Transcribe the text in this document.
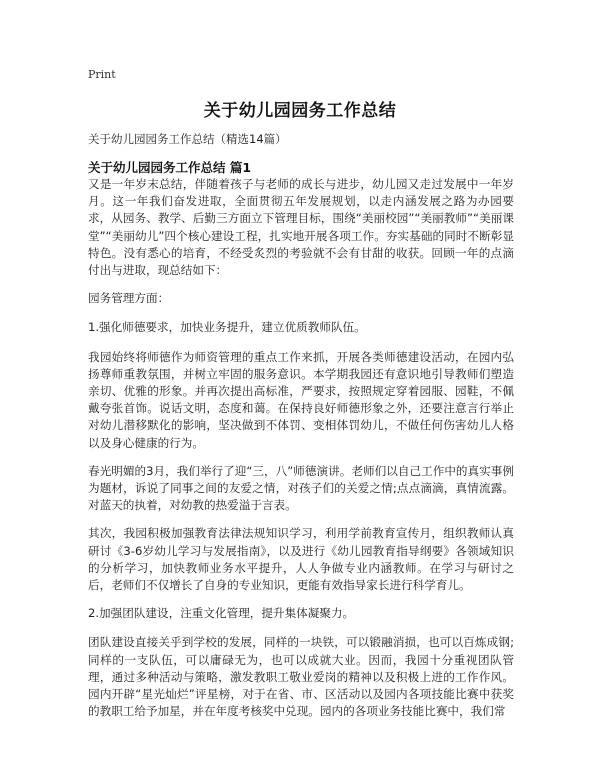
Print
关于幼儿园园务工作总结
关于幼儿园园务工作总结（精选14篇）
关于幼儿园园务工作总结 篇1

又是一年岁末总结，伴随着孩子与老师的成长与进步，幼儿园又走过发展中一年岁月。这一年我们奋发进取，全面贯彻五年发展规划，以走内涵发展之路为办园要求，从园务、教学、后勤三方面立下管理目标，围绕“美丽校园”“美丽教师”“美丽课堂”“美丽幼儿”四个核心建设工程，扎实地开展各项工作。夯实基础的同时不断彰显特色。没有悉心的培育，不经受炙烈的考验就不会有甘甜的收获。回顾一年的点滴付出与进取，现总结如下：

园务管理方面：

1.强化师德要求，加快业务提升，建立优质教师队伍。

我园始终将师德作为师资管理的重点工作来抓，开展各类师德建设活动，在园内弘扬尊师重教氛围，并树立牢固的服务意识。本学期我园还有意识地引导教师们塑造亲切、优雅的形象。并再次提出高标准，严要求，按照规定穿着园服、园鞋，不佩戴夸张首饰。说话文明，态度和蔼。在保持良好师德形象之外，还要注意言行举止对幼儿潜移默化的影响，坚决做到不体罚、变相体罚幼儿，不做任何伤害幼儿人格以及身心健康的行为。

春光明媚的3月，我们举行了迎“三，八”师德演讲。老师们以自己工作中的真实事例为题材，诉说了同事之间的友爱之情，对孩子们的关爱之情;点点滴滴，真情流露。对蓝天的执着，对幼教的热爱溢于言表。

其次，我园积极加强教育法律法规知识学习，利用学前教育宣传月，组织教师认真研讨《3-6岁幼儿学习与发展指南》，以及进行《幼儿园教育指导纲要》各领域知识的分析学习，加快教师业务水平提升，人人争做专业内涵教师。在学习与研讨之后，老师们不仅增长了自身的专业知识，更能有效指导家长进行科学育儿。

2.加强团队建设，注重文化管理，提升集体凝聚力。

团队建设直接关乎到学校的发展，同样的一块铁，可以锻融消损，也可以百炼成钢;同样的一支队伍，可以庸碌无为，也可以成就大业。因而，我园十分重视团队管理，通过多种活动与策略，激发教职工敬业爱岗的精神以及积极上进的工作作风。园内开辟“星光灿烂”评星榜，对于在省、市、区活动以及园内各项技能比赛中获奖的教职工给予加星，并在年度考核奖中兑现。园内的各项业务技能比赛中，我们常
